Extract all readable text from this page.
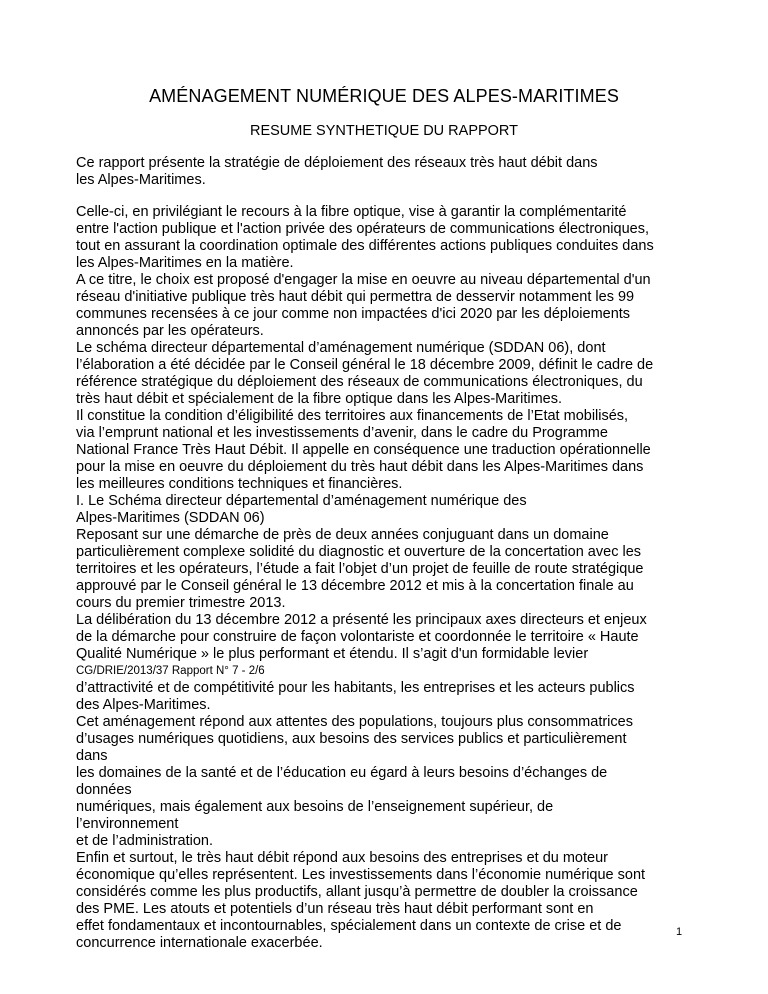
AMÉNAGEMENT NUMÉRIQUE DES ALPES-MARITIMES
RESUME SYNTHETIQUE DU RAPPORT
Ce rapport présente la stratégie de déploiement des réseaux très haut débit dans
les Alpes-Maritimes.
Celle-ci, en privilégiant le recours à la fibre optique, vise à garantir la complémentarité
entre l'action publique et l'action privée des opérateurs de communications électroniques,
tout en assurant la coordination optimale des différentes actions publiques conduites dans
les Alpes-Maritimes en la matière.
A ce titre, le choix est proposé d'engager la mise en oeuvre au niveau départemental d'un
réseau d'initiative publique très haut débit qui permettra de desservir notamment les 99
communes recensées à ce jour comme non impactées d'ici 2020 par les déploiements
annoncés par les opérateurs.
Le schéma directeur départemental d’aménagement numérique (SDDAN 06), dont
l’élaboration a été décidée par le Conseil général le 18 décembre 2009, définit le cadre de
référence stratégique du déploiement des réseaux de communications électroniques, du
très haut débit et spécialement de la fibre optique dans les Alpes-Maritimes.
Il constitue la condition d’éligibilité des territoires aux financements de l’Etat mobilisés,
via l’emprunt national et les investissements d’avenir, dans le cadre du Programme
National France Très Haut Débit. Il appelle en conséquence une traduction opérationnelle
pour la mise en oeuvre du déploiement du très haut débit dans les Alpes-Maritimes dans
les meilleures conditions techniques et financières.
I. Le Schéma directeur départemental d’aménagement numérique des
Alpes-Maritimes (SDDAN 06)
Reposant sur une démarche de près de deux années conjuguant dans un domaine
particulièrement complexe solidité du diagnostic et ouverture de la concertation avec les
territoires et les opérateurs, l’étude a fait l’objet d’un projet de feuille de route stratégique
approuvé par le Conseil général le 13 décembre 2012 et mis à la concertation finale au
cours du premier trimestre 2013.
La délibération du 13 décembre 2012 a présenté les principaux axes directeurs et enjeux
de la démarche pour construire de façon volontariste et coordonnée le territoire « Haute
Qualité Numérique » le plus performant et étendu. Il s’agit d'un formidable levier
CG/DRIE/2013/37 Rapport N° 7 - 2/6
d’attractivité et de compétitivité pour les habitants, les entreprises et les acteurs publics
des Alpes-Maritimes.
Cet aménagement répond aux attentes des populations, toujours plus consommatrices
d’usages numériques quotidiens, aux besoins des services publics et particulièrement
dans
les domaines de la santé et de l’éducation eu égard à leurs besoins d’échanges de
données
numériques, mais également aux besoins de l’enseignement supérieur, de
l’environnement
et de l’administration.
Enfin et surtout, le très haut débit répond aux besoins des entreprises et du moteur
économique qu’elles représentent. Les investissements dans l’économie numérique sont
considérés comme les plus productifs, allant jusqu’à permettre de doubler la croissance
des PME. Les atouts et potentiels d’un réseau très haut débit performant sont en
effet fondamentaux et incontournables, spécialement dans un contexte de crise et de
concurrence internationale exacerbée.
1
